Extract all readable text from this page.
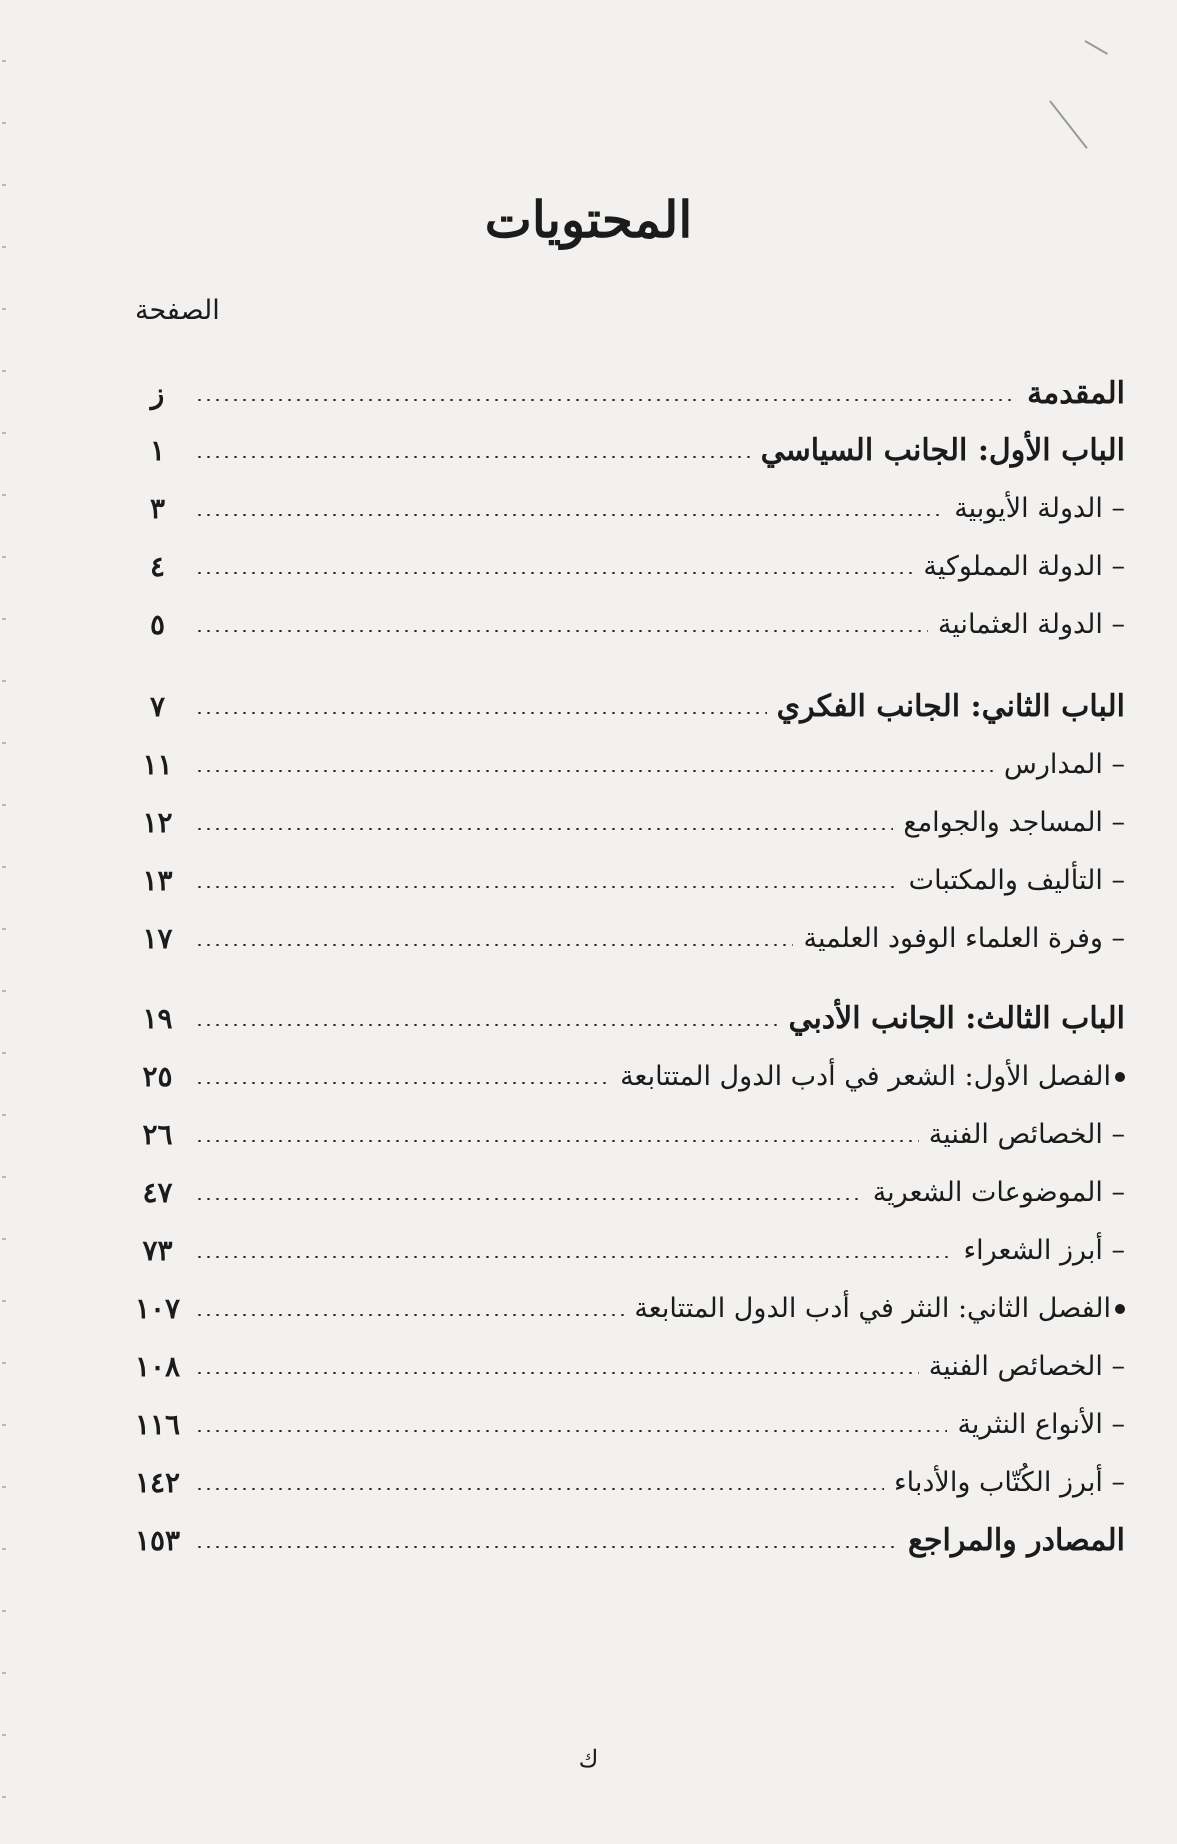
المحتويات
الصفحة
المقدمة
ز
الباب الأول: الجانب السياسي
١
– الدولة الأيوبية
٣
– الدولة المملوكية
٤
– الدولة العثمانية
٥
الباب الثاني: الجانب الفكري
٧
– المدارس
١١
– المساجد والجوامع
١٢
– التأليف والمكتبات
١٣
– وفرة العلماء الوفود العلمية
١٧
الباب الثالث: الجانب الأدبي
١٩
الفصل الأول: الشعر في أدب الدول المتتابعة
٢٥
– الخصائص الفنية
٢٦
– الموضوعات الشعرية
٤٧
– أبرز الشعراء
٧٣
الفصل الثاني: النثر في أدب الدول المتتابعة
١٠٧
– الخصائص الفنية
١٠٨
– الأنواع النثرية
١١٦
– أبرز الكُتّاب والأدباء
١٤٢
المصادر والمراجع
١٥٣
ك
